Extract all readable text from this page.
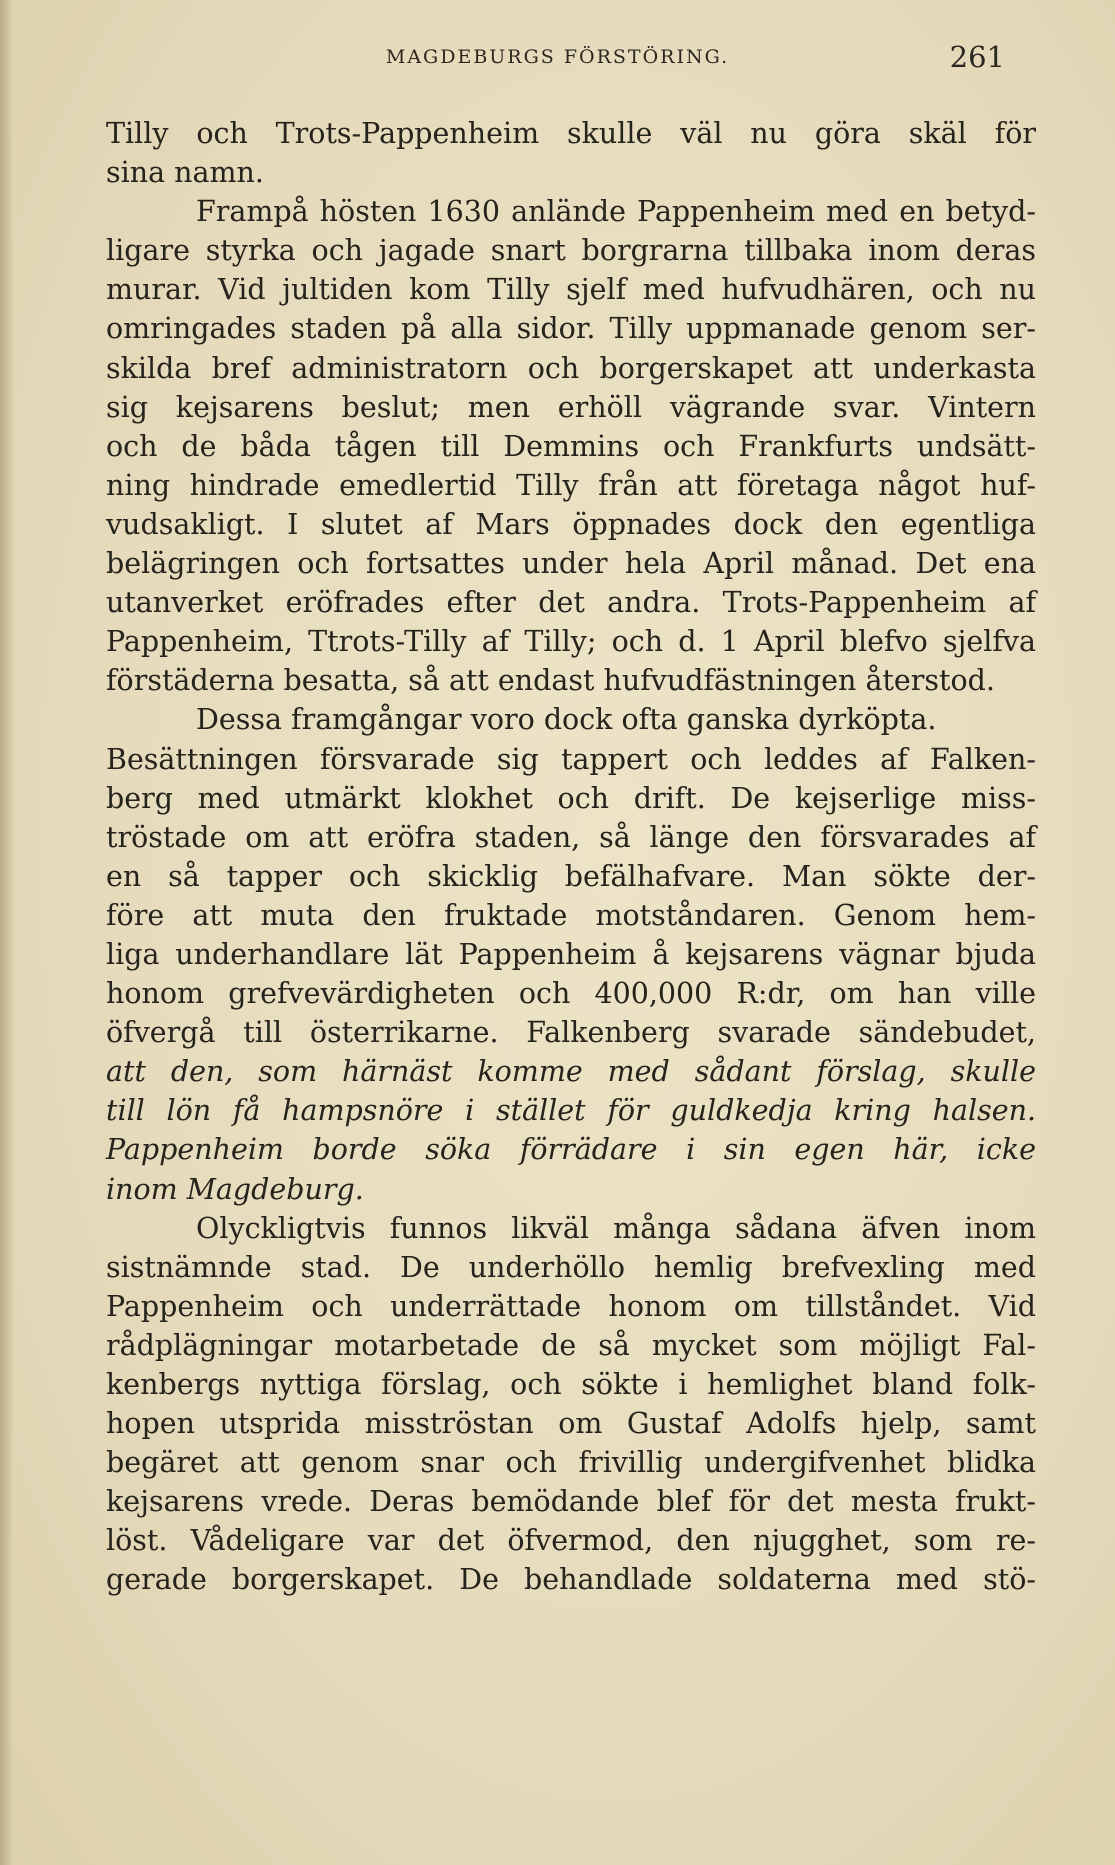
MAGDEBURGS FÖRSTÖRING.	261
Tilly och Trots-Pappenheim skulle väl nu göra skäl för
sina namn.
Frampå hösten 1630 anlände Pappenheim med en betyd-
ligare styrka och jagade snart borgrarna tillbaka inom deras
murar. Vid jultiden kom Tilly sjelf med hufvudhären, och nu
omringades staden på alla sidor. Tilly uppmanade genom ser-
skilda bref administratorn och borgerskapet att underkasta
sig kejsarens beslut; men erhöll vägrande svar. Vintern
och de båda tågen till Demmins och Frankfurts undsätt-
ning hindrade emedlertid Tilly från att företaga något huf-
vudsakligt. I slutet af Mars öppnades dock den egentliga
belägringen och fortsattes under hela April månad. Det ena
utanverket eröfrades efter det andra. Trots-Pappenheim af
Pappenheim, Ttrots-Tilly af Tilly; och d. 1 April blefvo sjelfva
förstäderna besatta, så att endast hufvudfästningen återstod.
Dessa framgångar voro dock ofta ganska dyrköpta.
Besättningen försvarade sig tappert och leddes af Falken-
berg med utmärkt klokhet och drift. De kejserlige miss-
tröstade om att eröfra staden, så länge den försvarades af
en så tapper och skicklig befälhafvare. Man sökte der-
före att muta den fruktade motståndaren. Genom hem-
liga underhandlare lät Pappenheim å kejsarens vägnar bjuda
honom grefvevärdigheten och 400,000 R:dr, om han ville
öfvergå till österrikarne. Falkenberg svarade sändebudet,
att den, som härnäst komme med sådant förslag, skulle
till lön få hampsnöre i stället för guldkedja kring halsen.
Pappenheim borde söka förrädare i sin egen här, icke
inom Magdeburg.
Olyckligtvis funnos likväl många sådana äfven inom
sistnämnde stad. De underhöllo hemlig brefvexling med
Pappenheim och underrättade honom om tillståndet. Vid
rådplägningar motarbetade de så mycket som möjligt Fal-
kenbergs nyttiga förslag, och sökte i hemlighet bland folk-
hopen utsprida misströstan om Gustaf Adolfs hjelp, samt
begäret att genom snar och frivillig undergifvenhet blidka
kejsarens vrede. Deras bemödande blef för det mesta frukt-
löst. Vådeligare var det öfvermod, den njugghet, som re-
gerade borgerskapet. De behandlade soldaterna med stö-
